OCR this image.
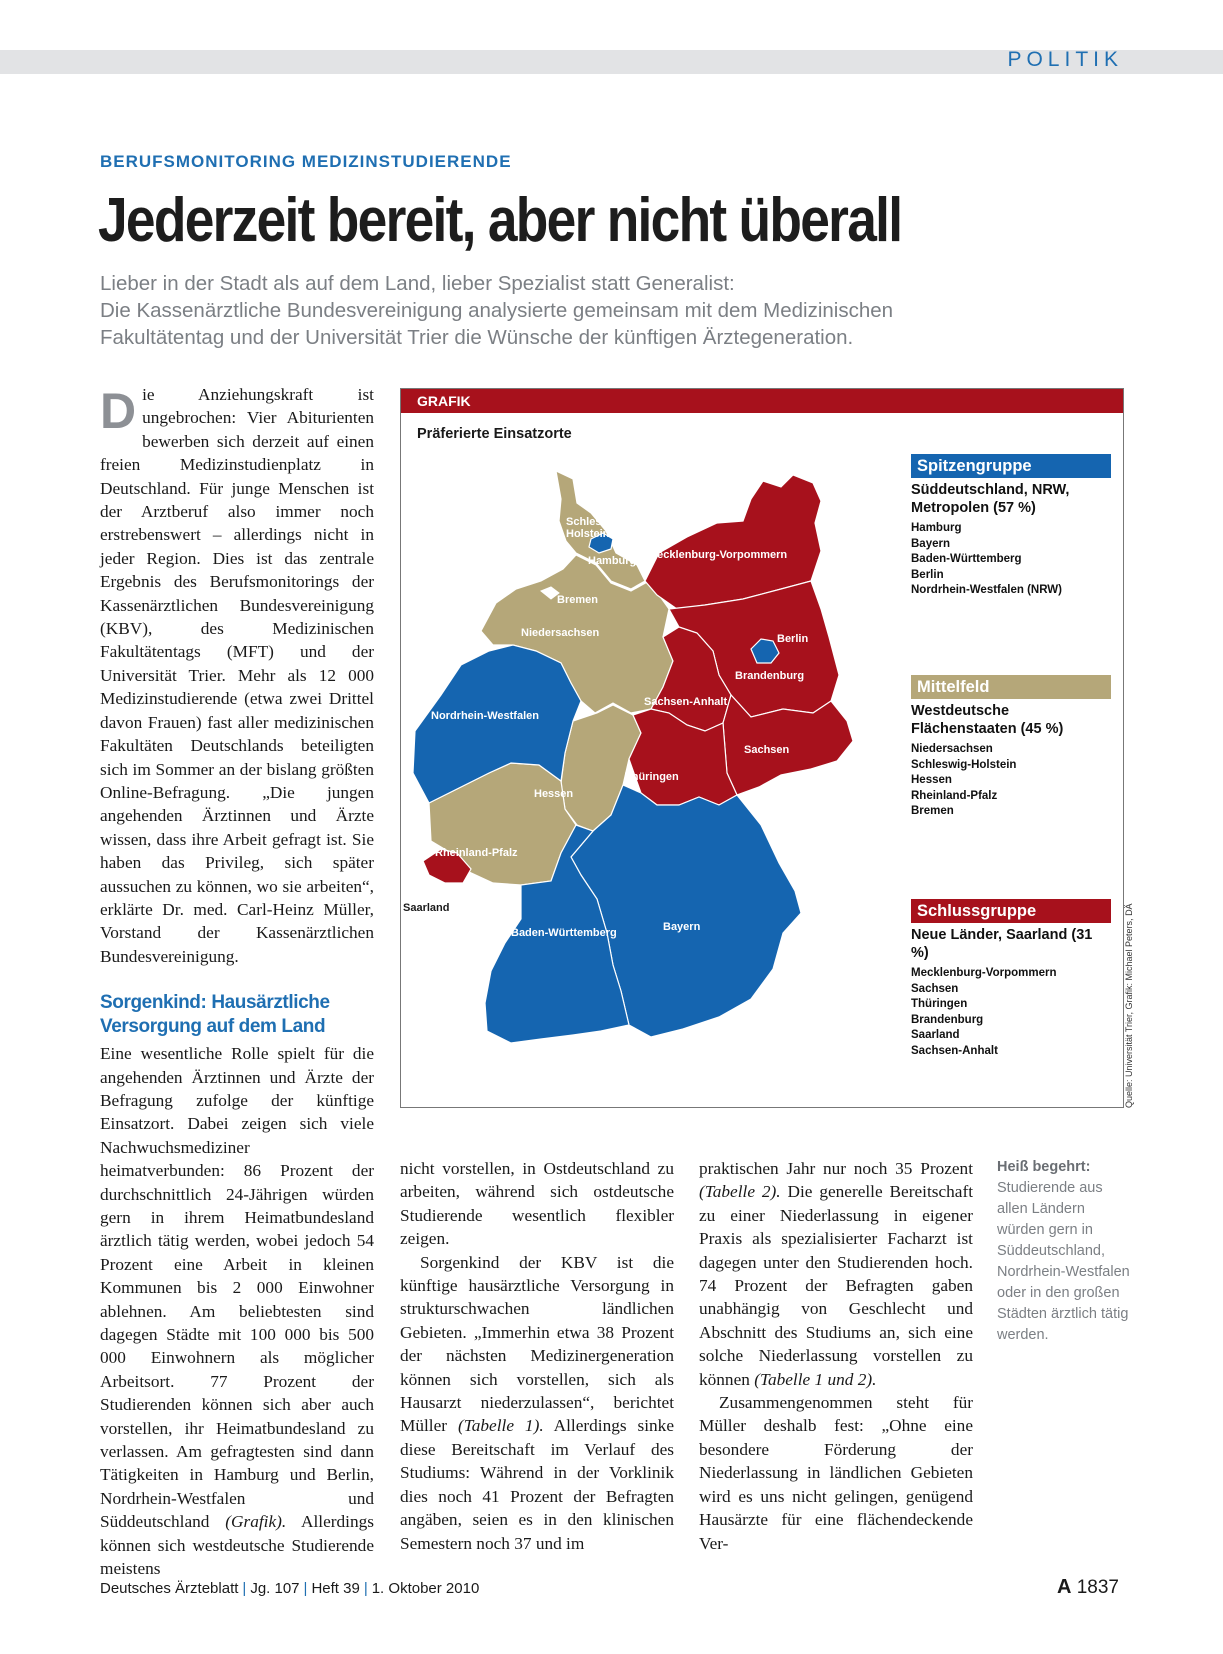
POLITIK
BERUFSMONITORING MEDIZINSTUDIERENDE
Jederzeit bereit, aber nicht überall
Lieber in der Stadt als auf dem Land, lieber Spezialist statt Generalist:
Die Kassenärztliche Bundesvereinigung analysierte gemeinsam mit dem Medizinischen
Fakultätentag und der Universität Trier die Wünsche der künftigen Ärztegeneration.

Die Anziehungskraft ist ungebrochen: Vier Abiturienten bewerben sich derzeit auf einen freien Medizinstudienplatz in Deutschland. Für junge Menschen ist der Arztberuf also immer noch erstrebenswert – allerdings nicht in jeder Region. Dies ist das zentrale Ergebnis des Berufsmonitorings der Kassenärztlichen Bundesvereinigung (KBV), des Medizinischen Fakultätentags (MFT) und der Universität Trier. Mehr als 12 000 Medizinstudierende (etwa zwei Drittel davon Frauen) fast aller medizinischen Fakultäten Deutschlands beteiligten sich im Sommer an der bislang größten Online-Befragung. „Die jungen angehenden Ärztinnen und Ärzte wissen, dass ihre Arbeit gefragt ist. Sie haben das Privileg, sich später aussuchen zu können, wo sie arbeiten“, erklärte Dr. med. Carl-Heinz Müller, Vorstand der Kassenärztlichen Bundesvereinigung.

Sorgenkind: Hausärztliche Versorgung auf dem Land

Eine wesentliche Rolle spielt für die angehenden Ärztinnen und Ärzte der Befragung zufolge der künftige Einsatzort. Dabei zeigen sich viele Nachwuchsmediziner heimatverbunden: 86 Prozent der durchschnittlich 24-Jährigen würden gern in ihrem Heimatbundesland ärztlich tätig werden, wobei jedoch 54 Prozent eine Arbeit in kleinen Kommunen bis 2 000 Einwohner ablehnen. Am beliebtesten sind dagegen Städte mit 100 000 bis 500 000 Einwohnern als möglicher Arbeitsort. 77 Prozent der Studierenden können sich aber auch vorstellen, ihr Heimatbundesland zu verlassen. Am gefragtesten sind dann Tätigkeiten in Hamburg und Berlin, Nordrhein-Westfalen und Süddeutschland (Grafik). Allerdings können sich westdeutsche Studierende meistens

nicht vorstellen, in Ostdeutschland zu arbeiten, während sich ostdeutsche Studierende wesentlich flexibler zeigen.

Sorgenkind der KBV ist die künftige hausärztliche Versorgung in strukturschwachen ländlichen Gebieten. „Immerhin etwa 38 Prozent der nächsten Medizinergeneration können sich vorstellen, sich als Hausarzt niederzulassen“, berichtet Müller (Tabelle 1). Allerdings sinke diese Bereitschaft im Verlauf des Studiums: Während in der Vorklinik dies noch 41 Prozent der Befragten angäben, seien es in den klinischen Semestern noch 37 und im

praktischen Jahr nur noch 35 Prozent (Tabelle 2). Die generelle Bereitschaft zu einer Niederlassung in eigener Praxis als spezialisierter Facharzt ist dagegen unter den Studierenden hoch. 74 Prozent der Befragten gaben unabhängig von Geschlecht und Abschnitt des Studiums an, sich eine solche Niederlassung vorstellen zu können (Tabelle 1 und 2).

Zusammengenommen steht für Müller deshalb fest: „Ohne eine besondere Förderung der Niederlassung in ländlichen Gebieten wird es uns nicht gelingen, genügend Hausärzte für eine flächendeckende Ver-

Heiß begehrt:
Studierende aus allen Ländern würden gern in Süddeutschland, Nordrhein-Westfalen oder in den großen Städten ärztlich tätig werden.
GRAFIK
Präferierte Einsatzorte
Schleswig-
Holstein
Hamburg Mecklenburg-Vorpommern
Bremen
Niedersachsen	Berlin
Brandenburg
Nordrhein-Westfalen
Sachsen-Anhalt
Sachsen
Hessen
Thüringen
Rheinland-Pfalz
Saarland
Baden-Württemberg	Bayern
Spitzengruppe
Süddeutschland, NRW, Metropolen (57 %)
Hamburg
Bayern
Baden-Württemberg
Berlin
Nordrhein-Westfalen (NRW)
Mittelfeld
Westdeutsche Flächenstaaten (45 %)
Niedersachsen
Schleswig-Holstein
Hessen
Rheinland-Pfalz
Bremen
Schlussgruppe
Neue Länder, Saarland (31 %)
Mecklenburg-Vorpommern
Sachsen
Thüringen
Brandenburg
Saarland
Sachsen-Anhalt	Quelle: Universität Trier, Grafik: Michael Peters, DÄ
Deutsches Ärzteblatt | Jg. 107 | Heft 39 | 1. Oktober 2010	A 1837
